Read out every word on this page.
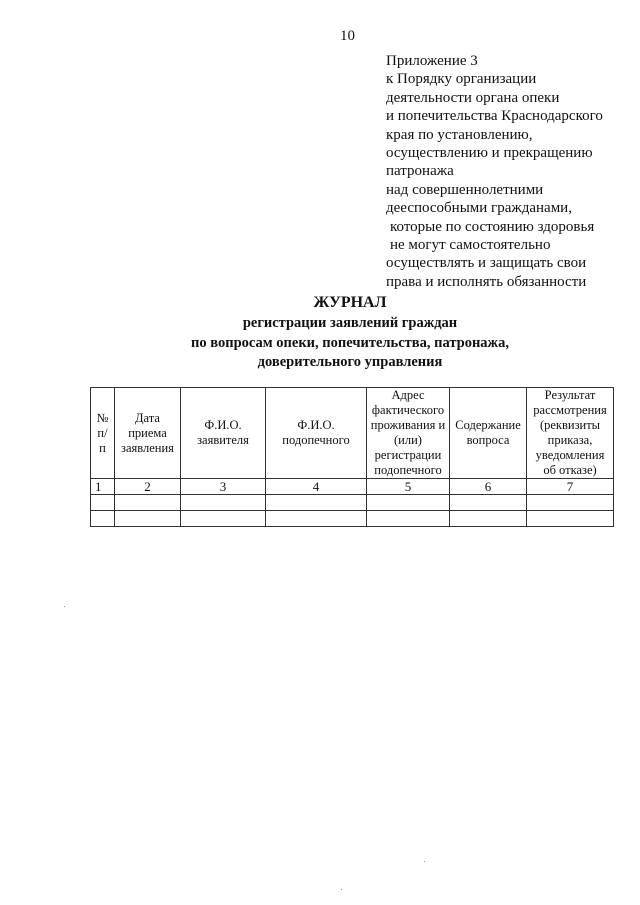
10
Приложение 3
к Порядку организации
деятельности органа опеки
и попечительства Краснодарского
края по установлению,
осуществлению и прекращению
патронажа
над совершеннолетними
дееспособными гражданами,
которые по состоянию здоровья
не могут самостоятельно
осуществлять и защищать свои
права и исполнять обязанности
ЖУРНАЛ
регистрации заявлений граждан
по вопросам опеки, попечительства, патронажа,
доверительного управления
№ п/ п	Дата приема заявления	Ф.И.О. заявителя	Ф.И.О. подопечного	Адрес фактического проживания и (или) регистрации подопечного	Содержание вопроса	Результат рассмотрения (реквизиты приказа, уведомления об отказе)
1	2	3	4	5	6	7
